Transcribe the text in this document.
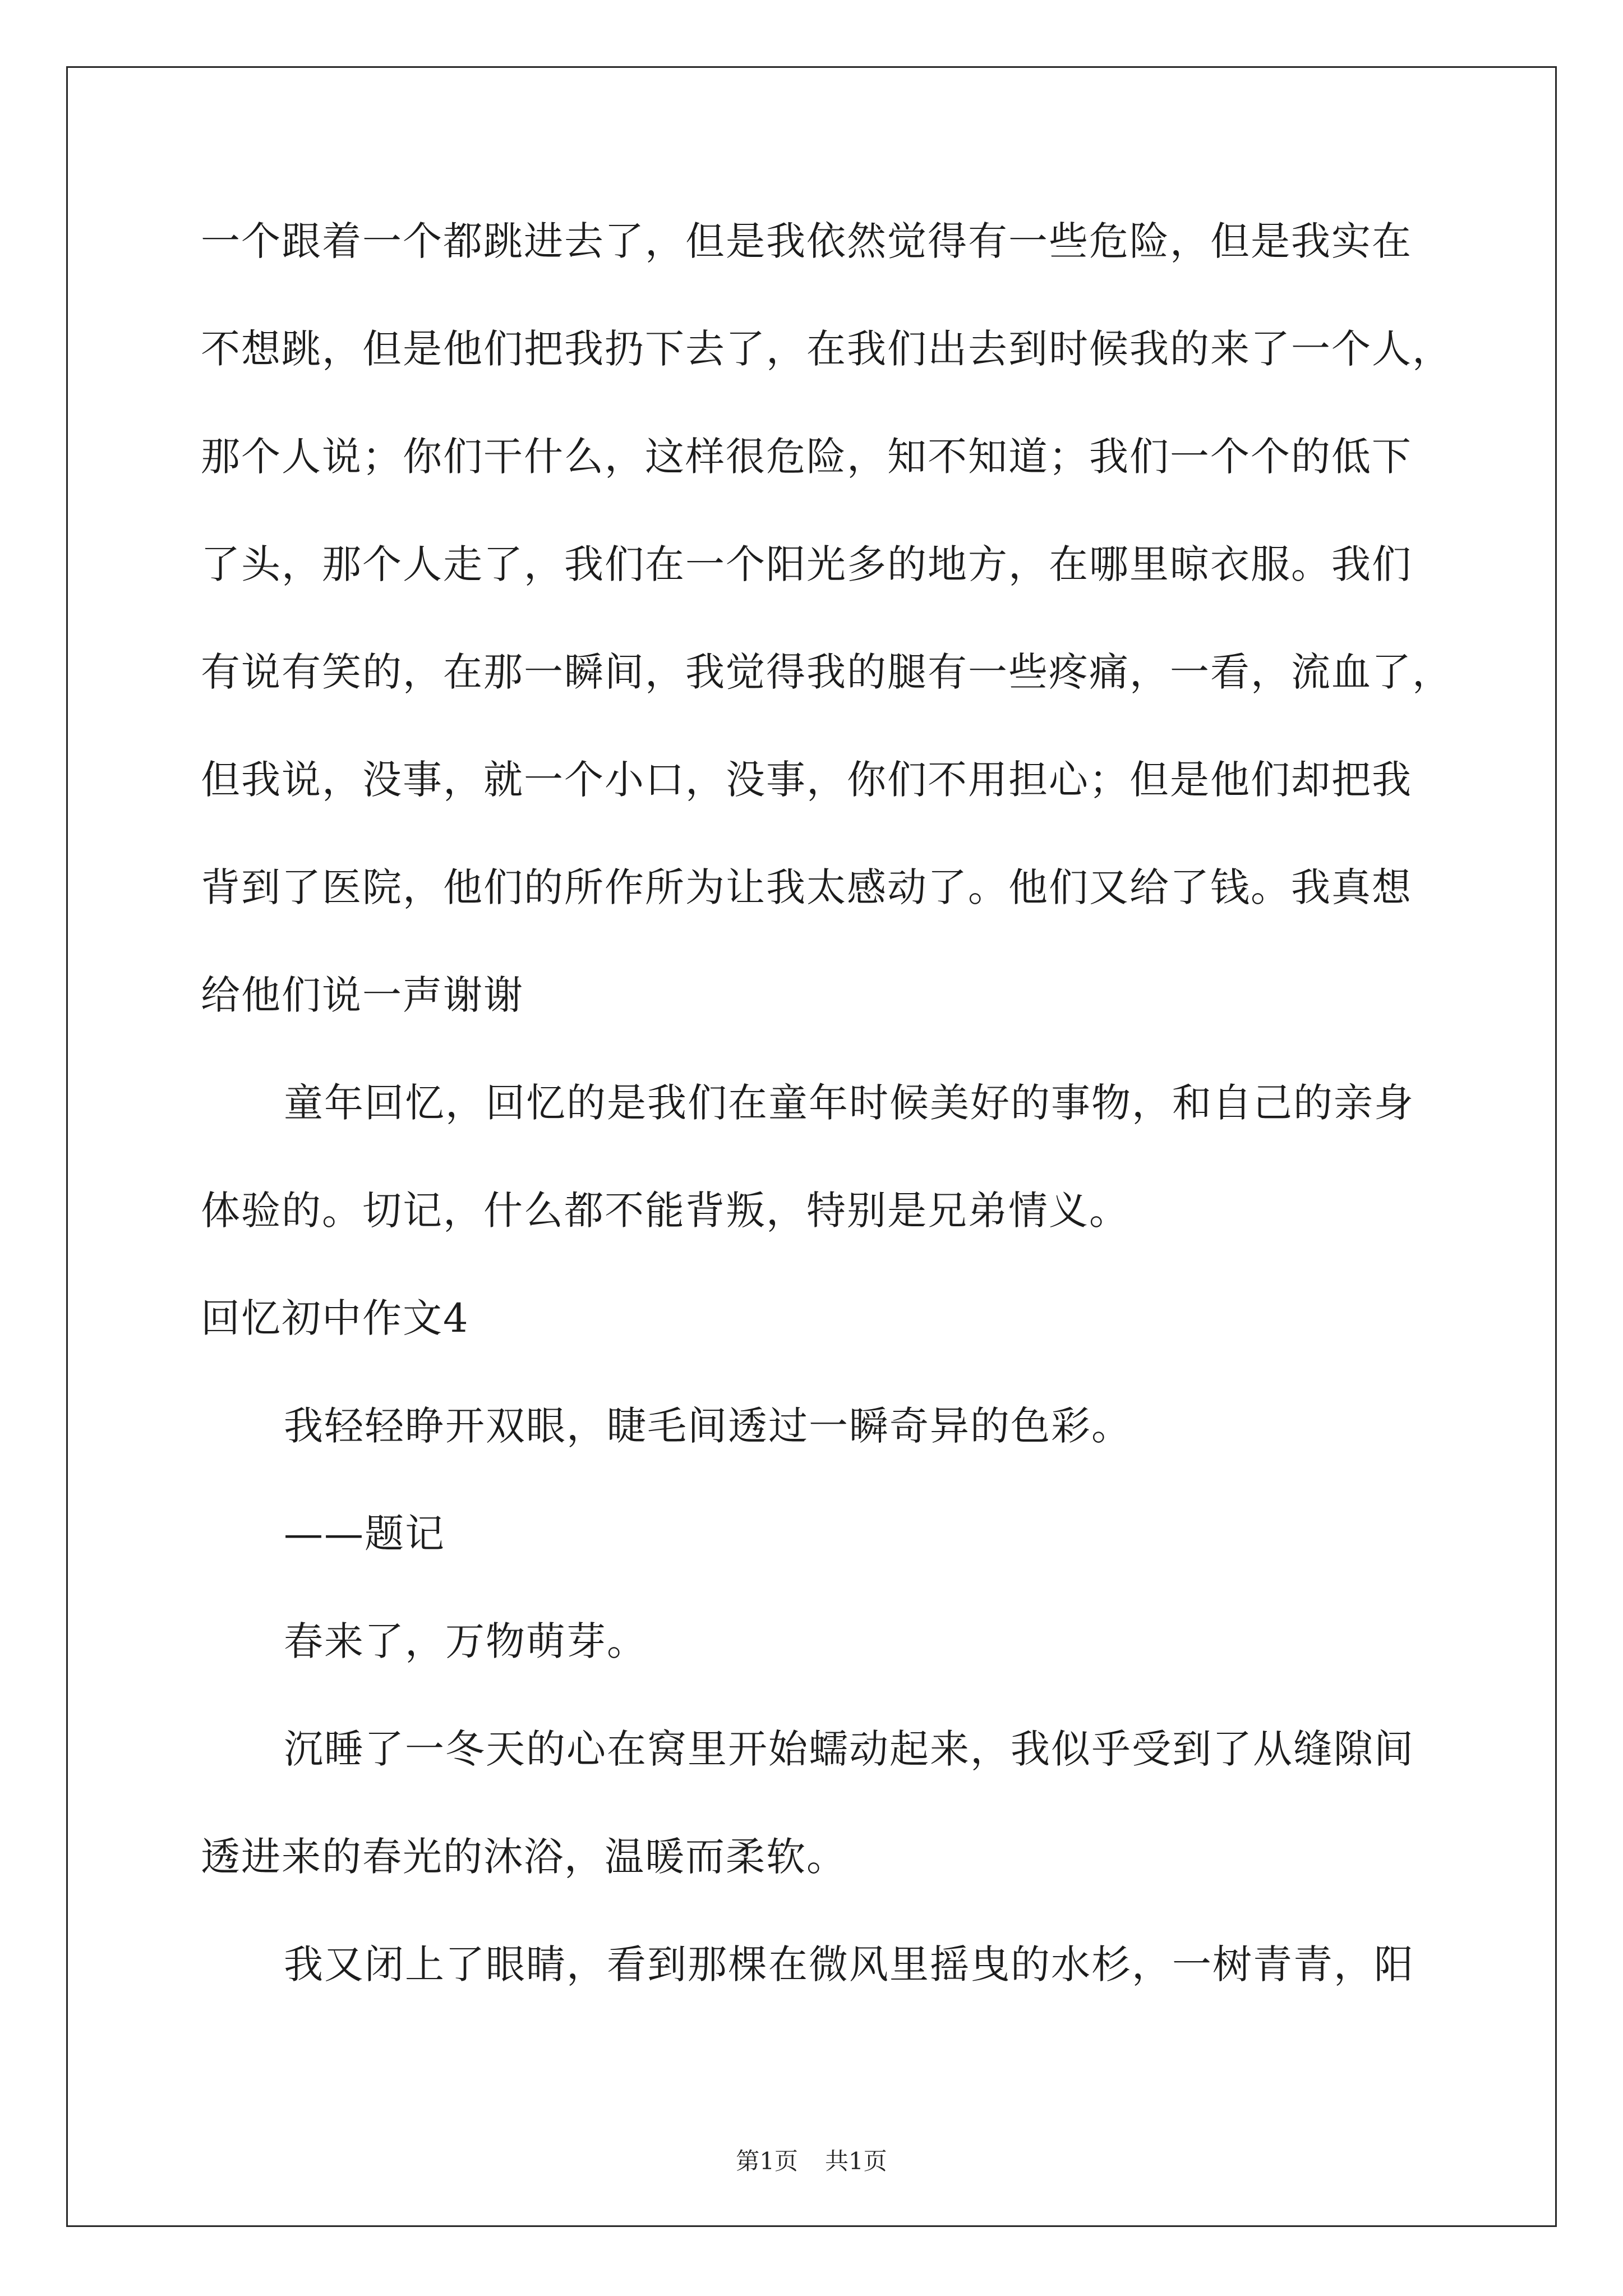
一个跟着一个都跳进去了，但是我依然觉得有一些危险，但是我实在
不想跳，但是他们把我扔下去了，在我们出去到时候我的来了一个人，
那个人说；你们干什么，这样很危险，知不知道；我们一个个的低下
了头，那个人走了，我们在一个阳光多的地方，在哪里晾衣服。我们
有说有笑的，在那一瞬间，我觉得我的腿有一些疼痛，一看，流血了，
但我说，没事，就一个小口，没事，你们不用担心；但是他们却把我
背到了医院，他们的所作所为让我太感动了。他们又给了钱。我真想
给他们说一声谢谢
童年回忆，回忆的是我们在童年时候美好的事物，和自己的亲身
体验的。切记，什么都不能背叛，特别是兄弟情义。
回忆初中作文4
我轻轻睁开双眼，睫毛间透过一瞬奇异的色彩。
——题记
春来了，万物萌芽。
沉睡了一冬天的心在窝里开始蠕动起来，我似乎受到了从缝隙间
透进来的春光的沐浴，温暖而柔软。
我又闭上了眼睛，看到那棵在微风里摇曳的水杉，一树青青，阳
第1页 共1页
